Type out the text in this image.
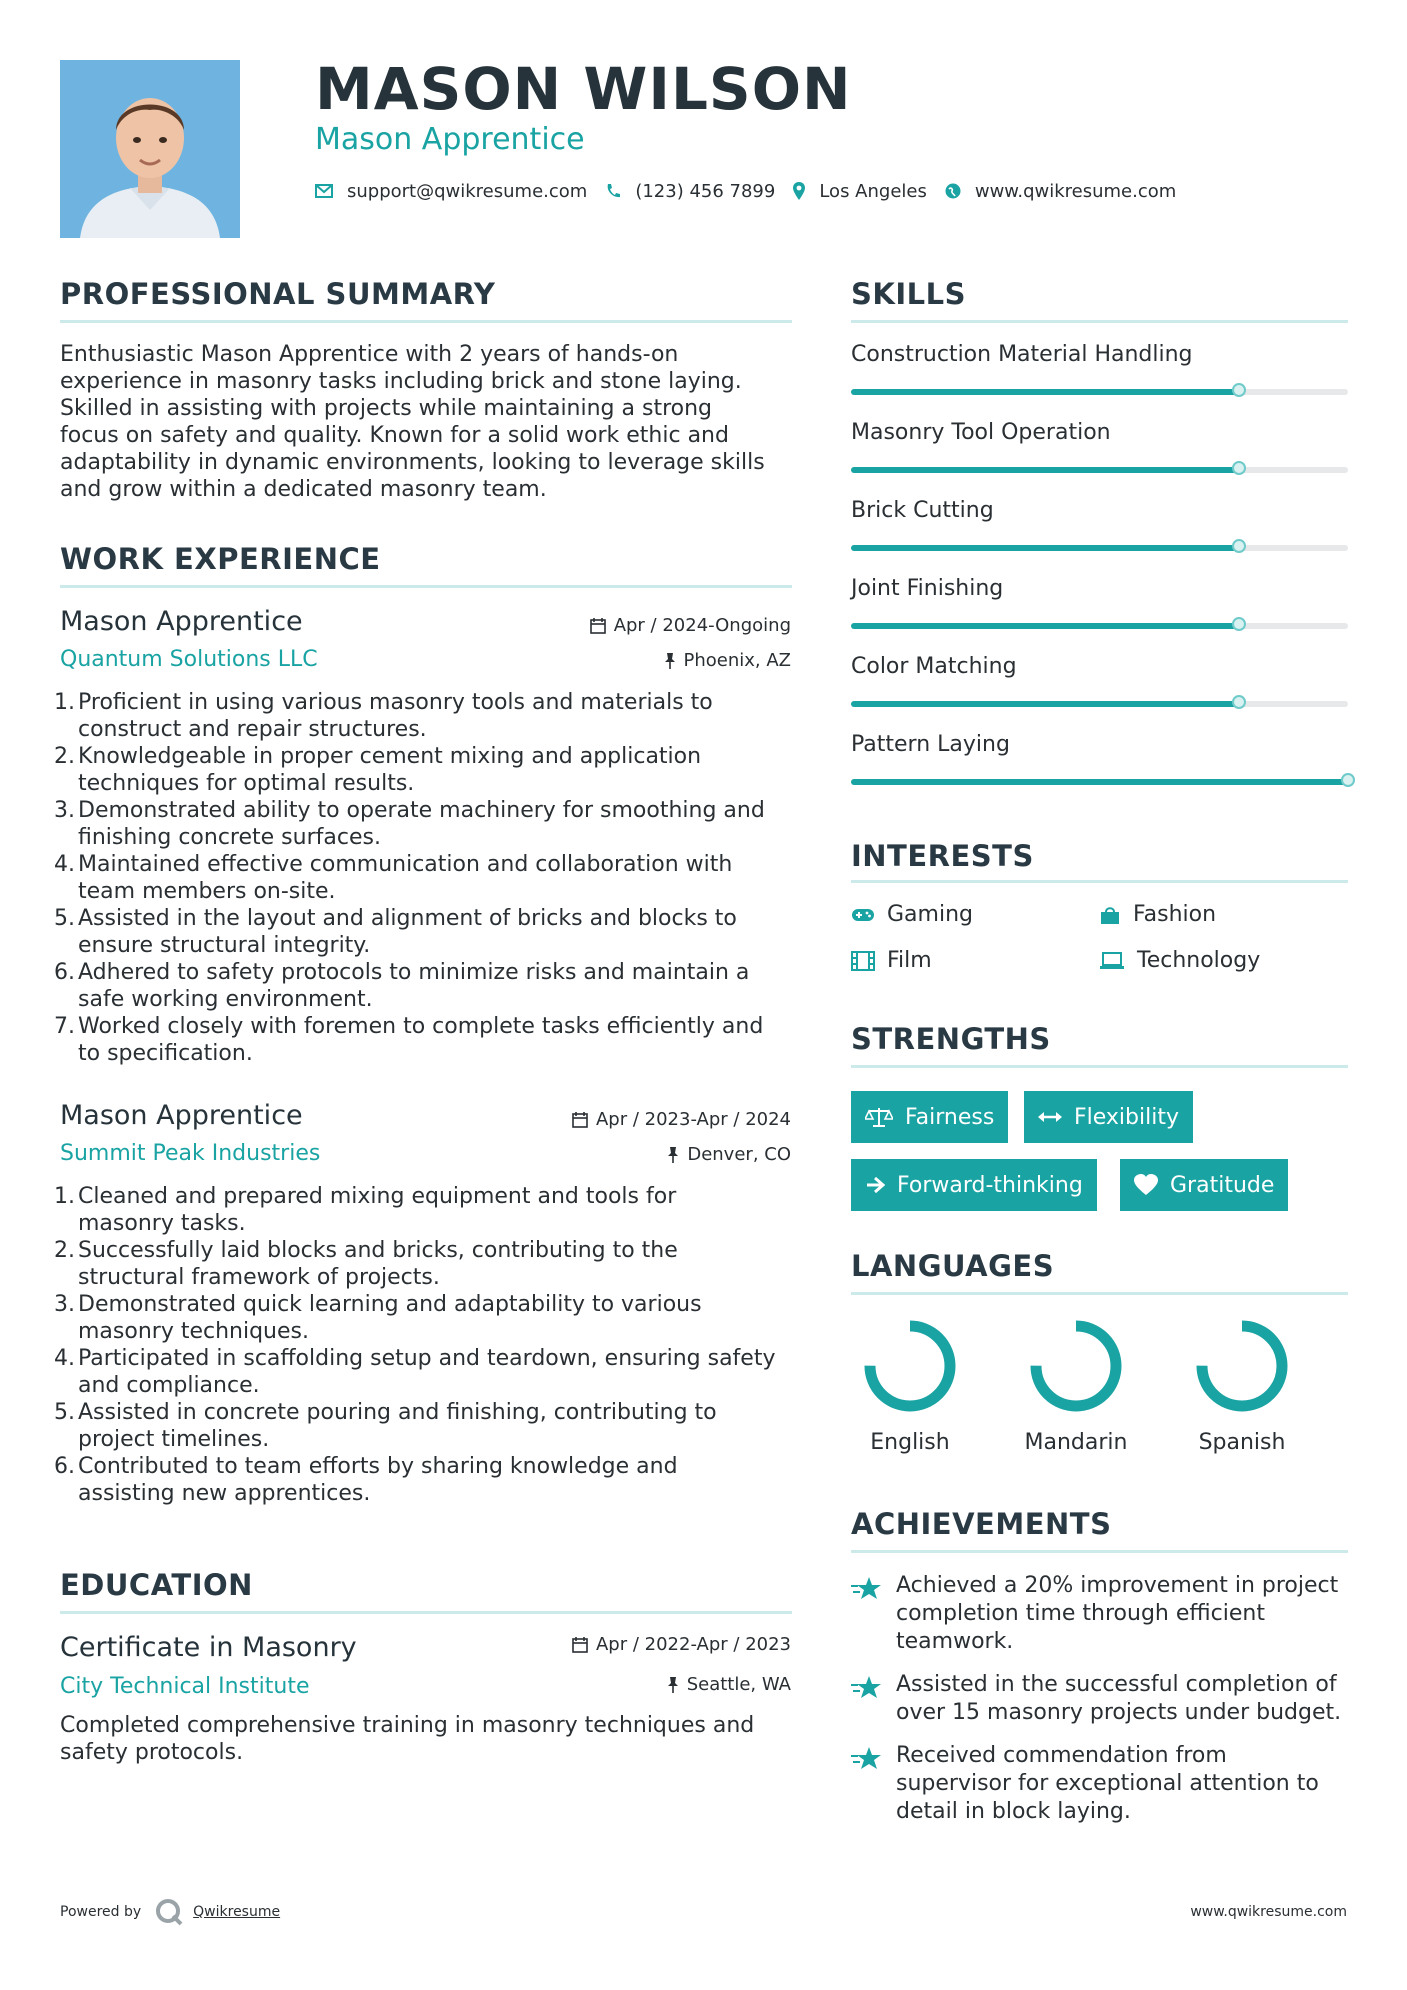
MASON WILSON
Mason Apprentice
support@qwikresume.com	(123) 456 7899 Los Angeles	www.qwikresume.com
PROFESSIONAL SUMMARY
Enthusiastic Mason Apprentice with 2 years of hands-on
experience in masonry tasks including brick and stone laying.
Skilled in assisting with projects while maintaining a strong
focus on safety and quality. Known for a solid work ethic and
adaptability in dynamic environments, looking to leverage skills
and grow within a dedicated masonry team.
WORK EXPERIENCE
Mason Apprentice
Quantum Solutions LLC
Apr / 2024-Ongoing
Phoenix, AZ
1. Proficient in using various masonry tools and materials to
construct and repair structures.
2. Knowledgeable in proper cement mixing and application
techniques for optimal results.
3. Demonstrated ability to operate machinery for smoothing and
finishing concrete surfaces.
4. Maintained effective communication and collaboration with
team members on-site.
5. Assisted in the layout and alignment of bricks and blocks to
ensure structural integrity.
6. Adhered to safety protocols to minimize risks and maintain a
safe working environment.
7. Worked closely with foremen to complete tasks efficiently and
to specification.
Mason Apprentice
Summit Peak Industries
Apr / 2023-Apr / 2024
Denver, CO
1. Cleaned and prepared mixing equipment and tools for
masonry tasks.
2. Successfully laid blocks and bricks, contributing to the
structural framework of projects.
3. Demonstrated quick learning and adaptability to various
masonry techniques.
4. Participated in scaffolding setup and teardown, ensuring safety
and compliance.
5. Assisted in concrete pouring and finishing, contributing to
project timelines.
6. Contributed to team efforts by sharing knowledge and
assisting new apprentices.
EDUCATION
Certificate in Masonry
City Technical Institute
Apr / 2022-Apr / 2023
Seattle, WA
Completed comprehensive training in masonry techniques and
safety protocols.
SKILLS
Construction Material Handling
Masonry Tool Operation
Brick Cutting
Joint Finishing
Color Matching
Pattern Laying
INTERESTS
Gaming	Fashion
Film	Technology
STRENGTHS
Fairness	Flexibility
Forward-thinking	Gratitude
LANGUAGES
English	Mandarin	Spanish
ACHIEVEMENTS
Achieved a 20% improvement in project
completion time through efficient
teamwork.
Assisted in the successful completion of
over 15 masonry projects under budget.
Received commendation from
supervisor for exceptional attention to
detail in block laying.
Powered by	Qwikresume	www.qwikresume.com
